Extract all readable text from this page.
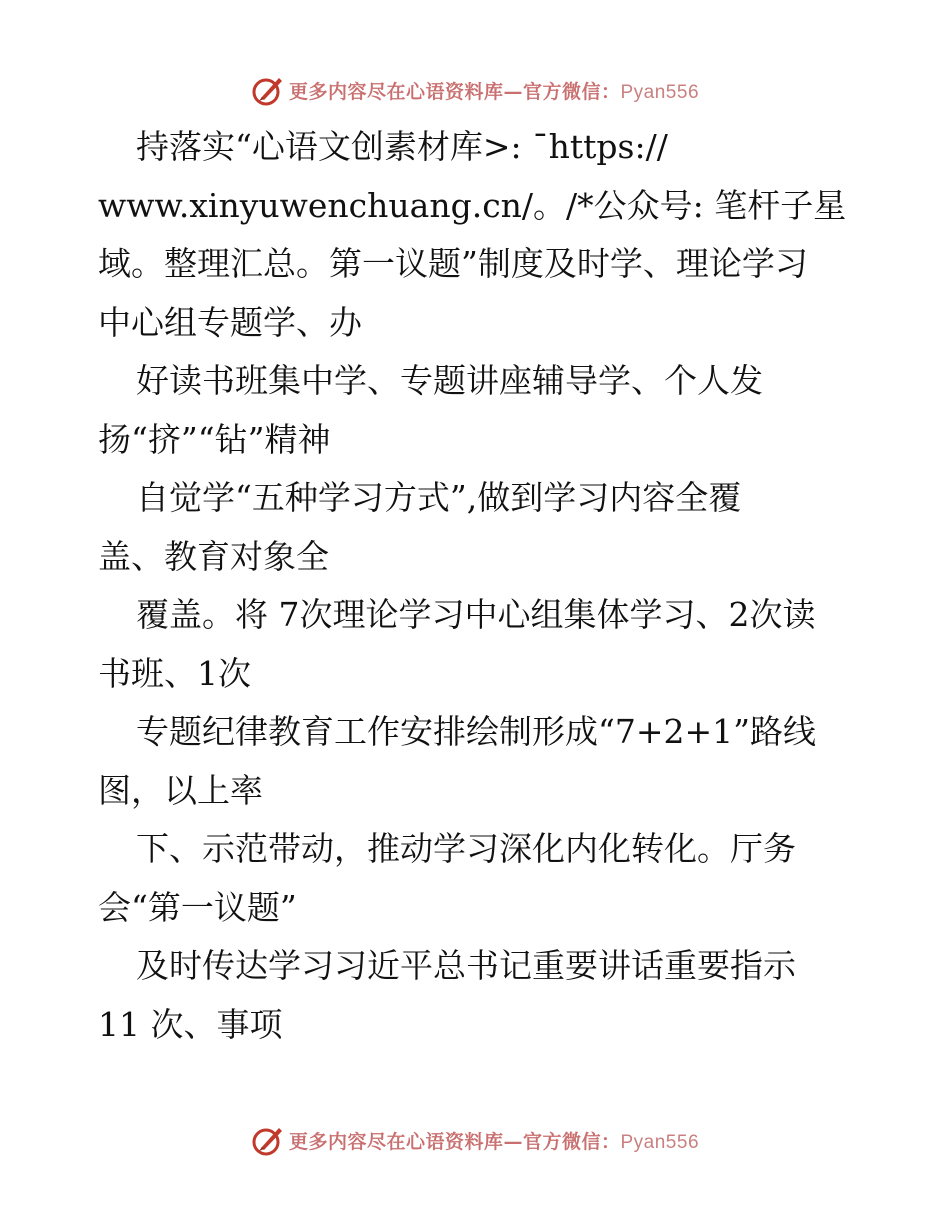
更多内容尽在心语资料库—官方微信：Pyan556
持落实“心语文创素材库>: ¯https://
www.xinyuwenchuang.cn/。/*公众号: 笔杆子星
域。整理汇总。第一议题”制度及时学、理论学习
中心组专题学、办
好读书班集中学、专题讲座辅导学、个人发
扬“挤”“钻”精神
自觉学“五种学习方式”,做到学习内容全覆
盖、教育对象全
覆盖。将 7次理论学习中心组集体学习、2次读
书班、1次
专题纪律教育工作安排绘制形成“7+2+1”路线
图，以上率
下、示范带动，推动学习深化内化转化。厅务
会“第一议题”
及时传达学习习近平总书记重要讲话重要指示
11 次、事项
更多内容尽在心语资料库—官方微信：Pyan556
